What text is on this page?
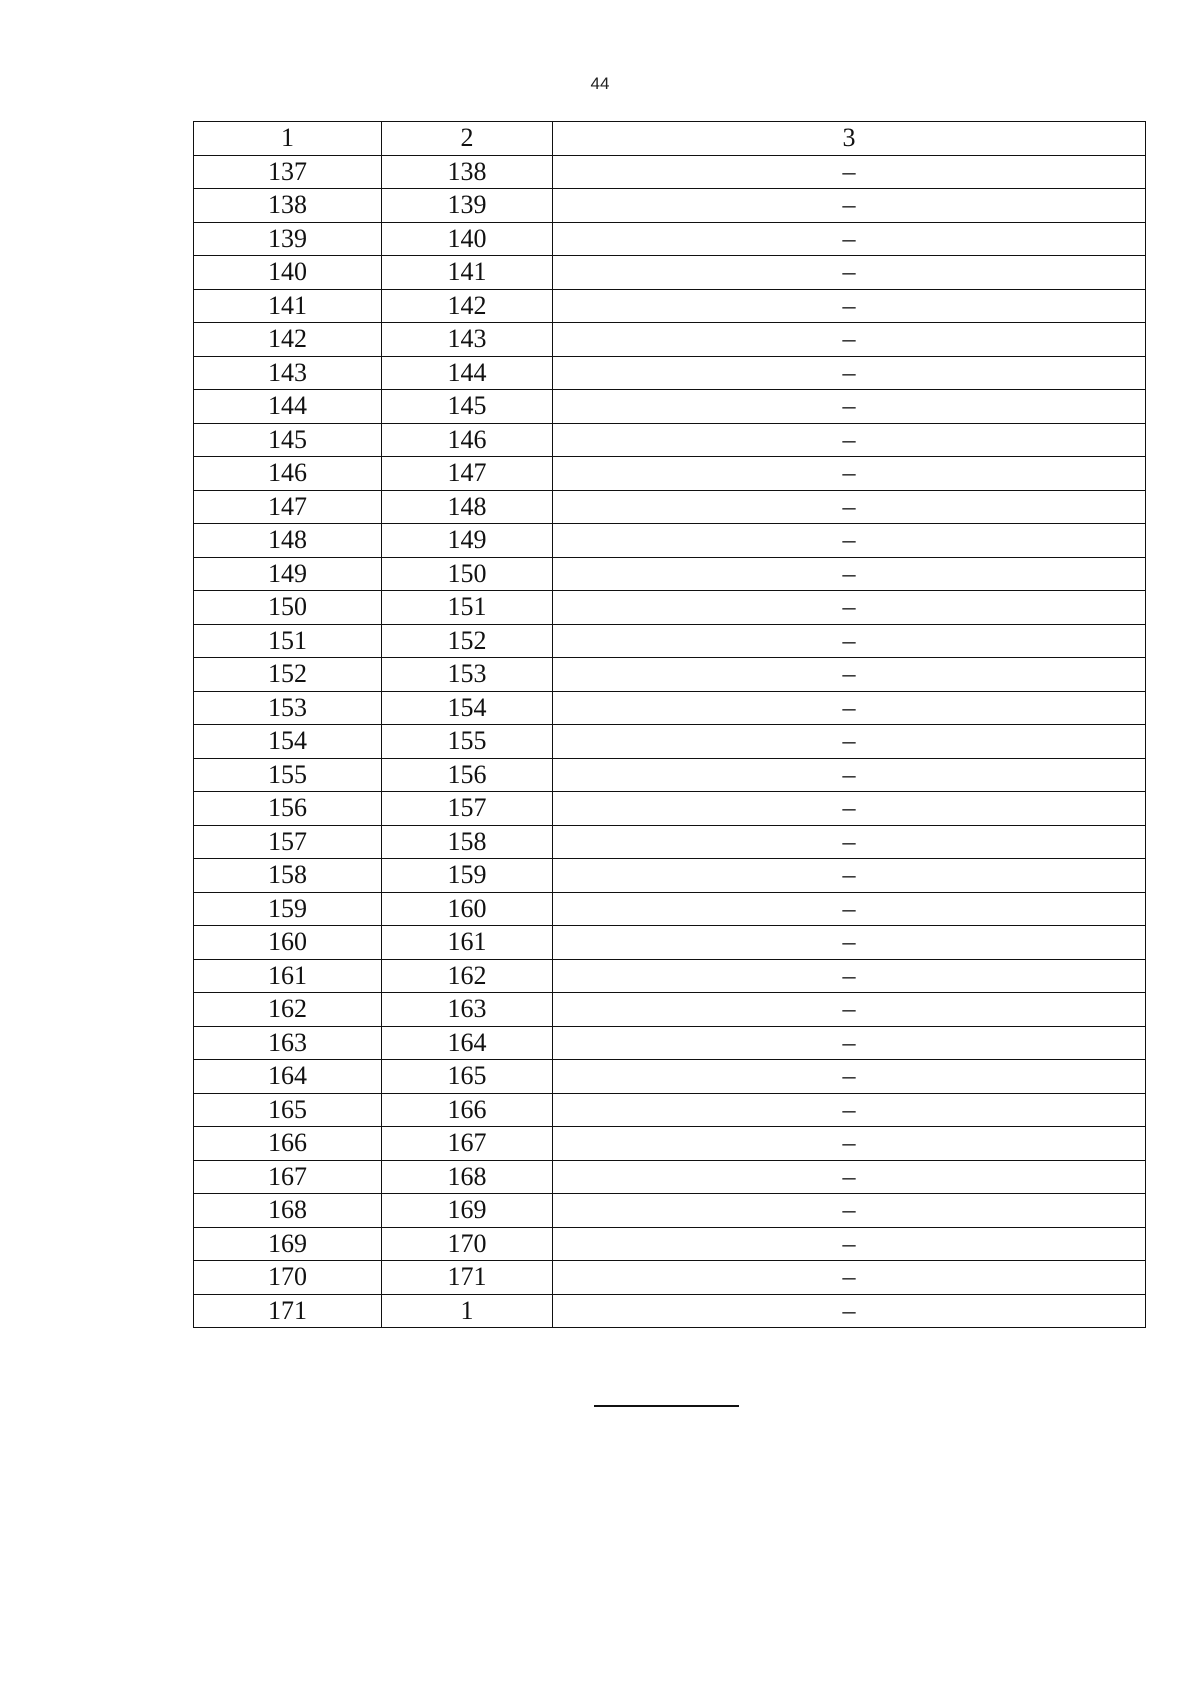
44
1	2	3
137	138	–
138	139	–
139	140	–
140	141	–
141	142	–
142	143	–
143	144	–
144	145	–
145	146	–
146	147	–
147	148	–
148	149	–
149	150	–
150	151	–
151	152	–
152	153	–
153	154	–
154	155	–
155	156	–
156	157	–
157	158	–
158	159	–
159	160	–
160	161	–
161	162	–
162	163	–
163	164	–
164	165	–
165	166	–
166	167	–
167	168	–
168	169	–
169	170	–
170	171	–
171	1	–
